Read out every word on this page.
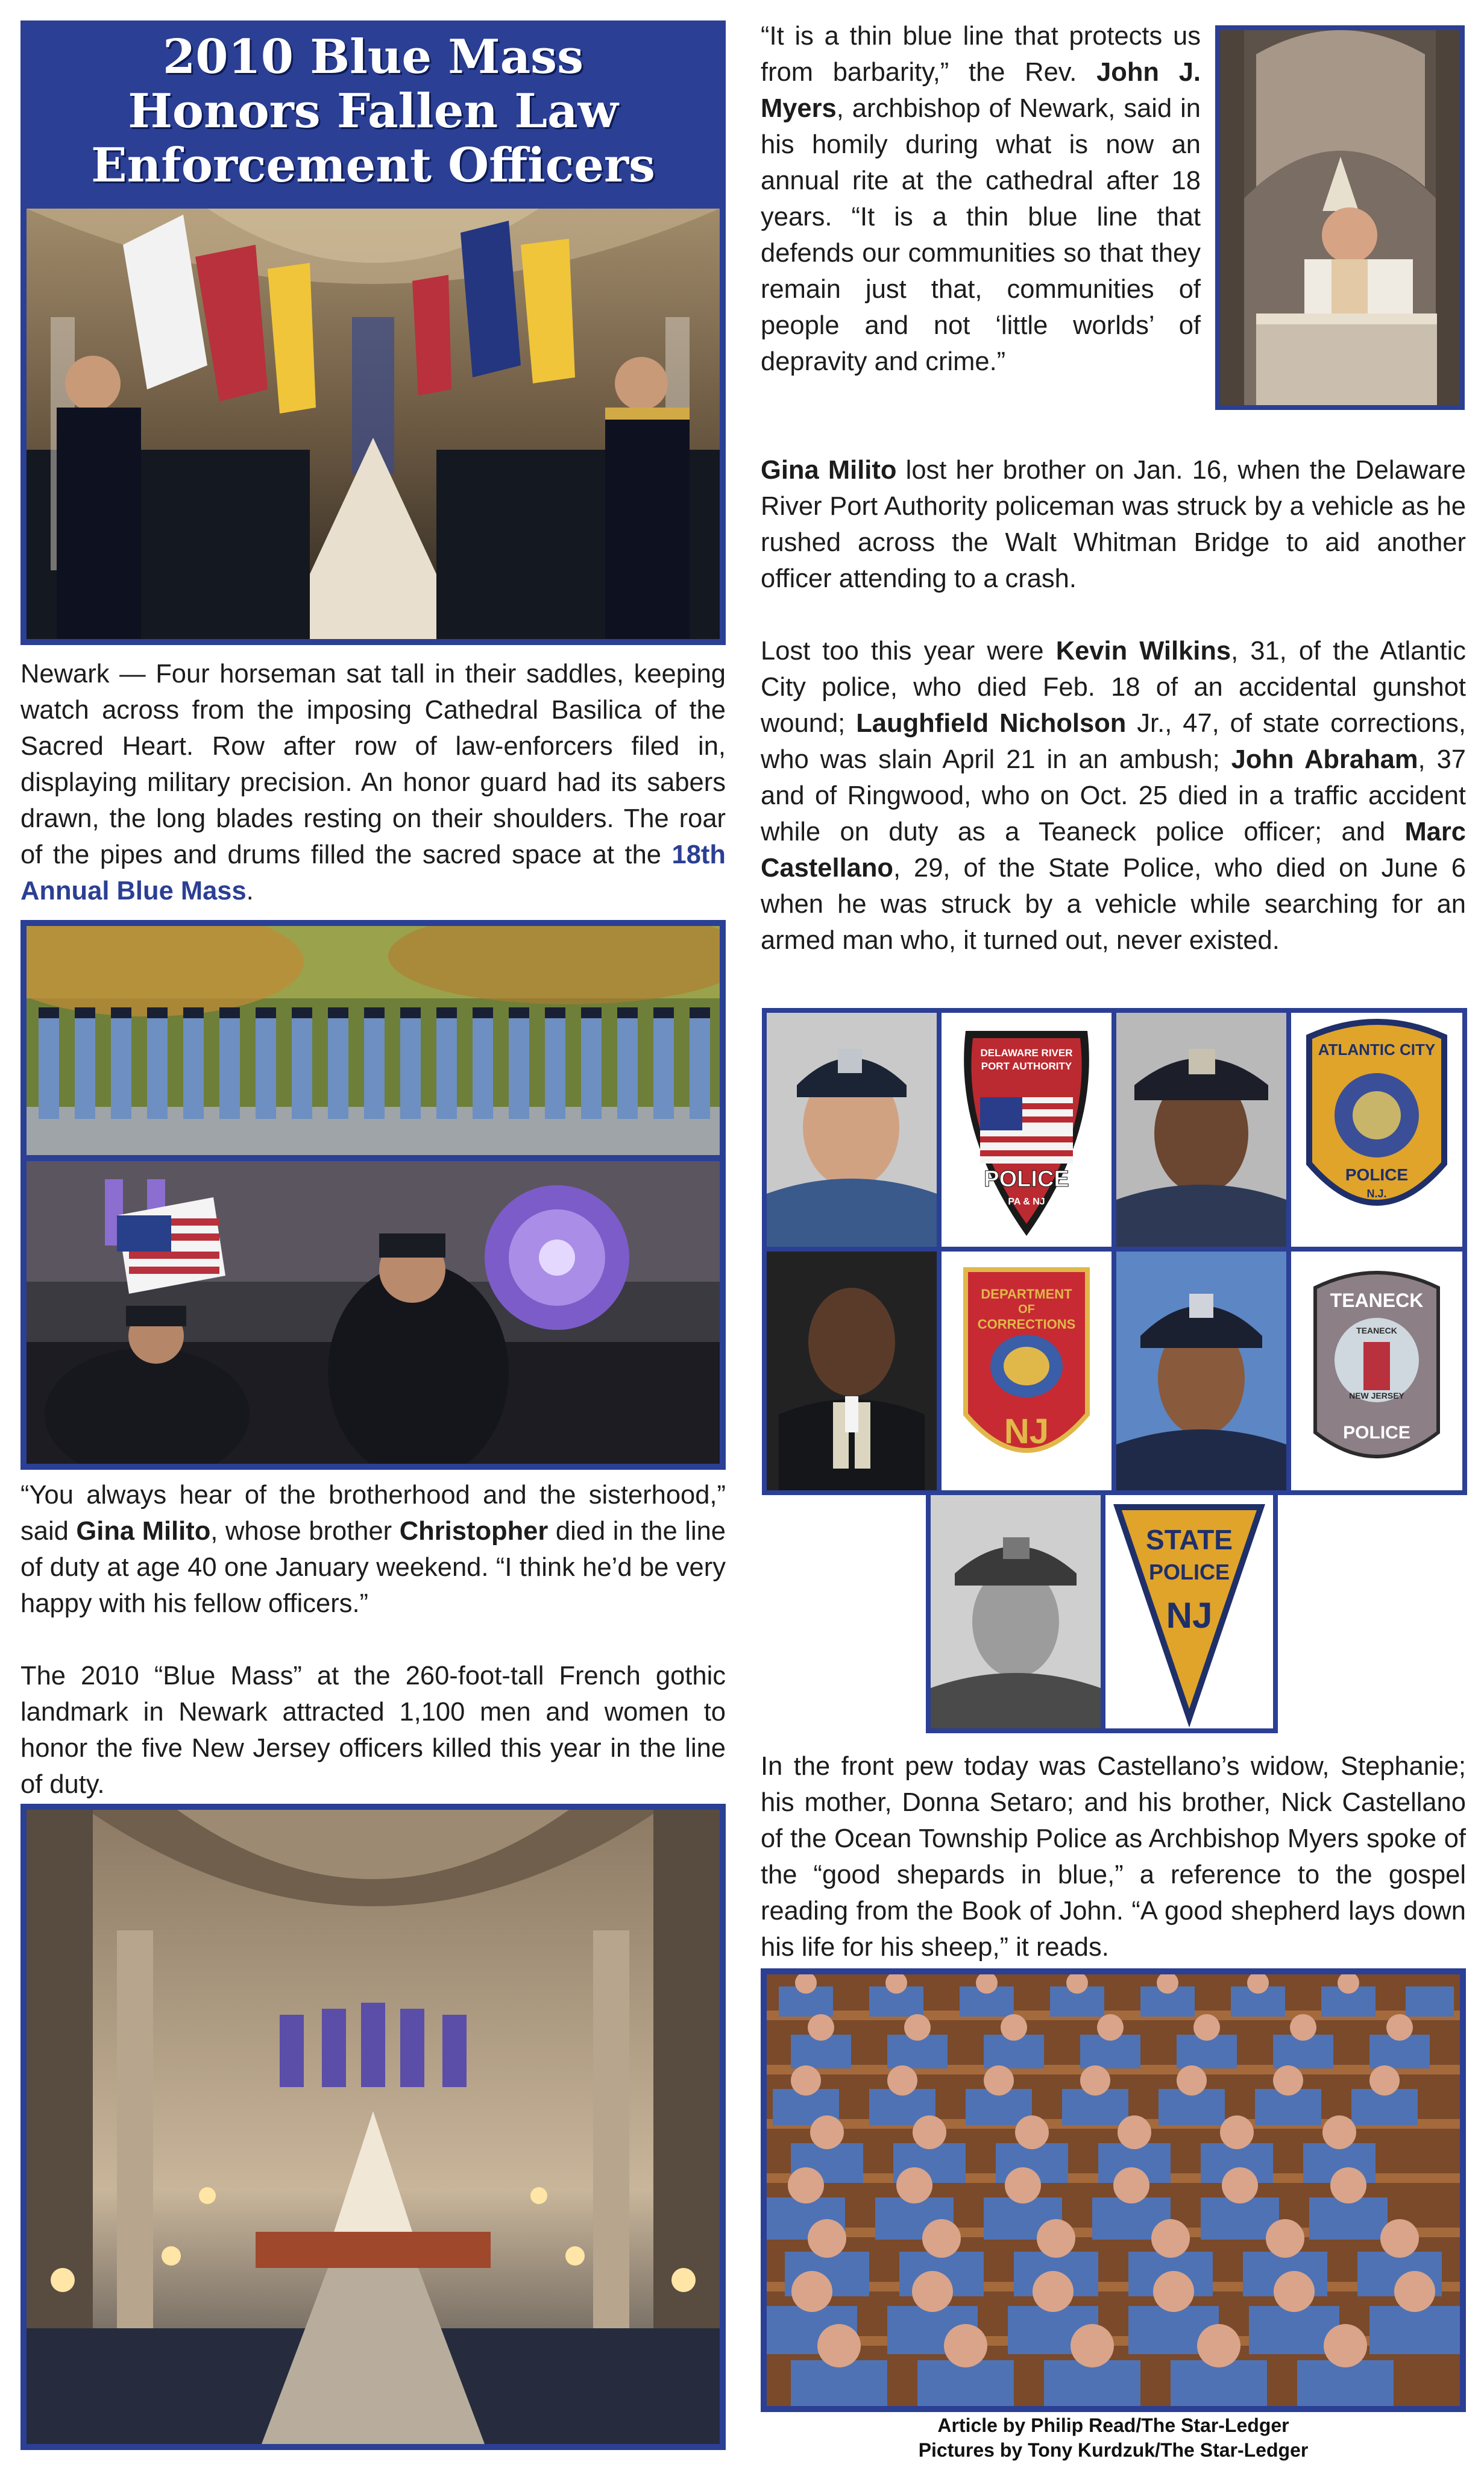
2010 Blue Mass
Honors Fallen Law
Enforcement Officers

Newark — Four horseman sat tall in their saddles, keeping watch across from the imposing Cathedral Basilica of the Sacred Heart. Row after row of law-enforcers filed in, displaying military precision. An honor guard had its sabers drawn, the long blades resting on their shoulders. The roar of the pipes and drums filled the sacred space at the 18th Annual Blue Mass.

“You always hear of the brotherhood and the sisterhood,” said Gina Milito, whose brother Christopher died in the line of duty at age 40 one January weekend. “I think he’d be very happy with his fellow officers.”

The 2010 “Blue Mass” at the 260-foot-tall French gothic landmark in Newark attracted 1,100 men and women to honor the five New Jersey officers killed this year in the line of duty.

“It is a thin blue line that protects us from barbarity,” the Rev. John J. Myers, archbishop of Newark, said in his homily during what is now an annual rite at the cathedral after 18 years. “It is a thin blue line that defends our communities so that they remain just that, communities of people and not ‘little worlds’ of depravity and crime.”

Gina Milito lost her brother on Jan. 16, when the Delaware River Port Authority policeman was struck by a vehicle as he rushed across the Walt Whitman Bridge to aid another officer attending to a crash.

Lost too this year were Kevin Wilkins, 31, of the Atlantic City police, who died Feb. 18 of an accidental gunshot wound; Laughfield Nicholson Jr., 47, of state corrections, who was slain April 21 in an ambush; John Abraham, 37 and of Ringwood, who on Oct. 25 died in a traffic accident while on duty as a Teaneck police officer; and Marc Castellano, 29, of the State Police, who died on June 6 when he was struck by a vehicle while searching for an armed man who, it turned out, never existed.

DELAWARE RIVER
PORT AUTHORITY
POLICE
PA & NJ
ATLANTIC CITY
POLICE
N.J.
DEPARTMENT
OF
CORRECTIONS
NJ
TEANECK
TEANECK
NEW JERSEY
POLICE
STATE
POLICE
NJ

In the front pew today was Castellano’s widow, Stephanie; his mother, Donna Setaro; and his brother, Nick Castellano of the Ocean Township Police as Archbishop Myers spoke of the “good shepards in blue,” a reference to the gospel reading from the Book of John. “A good shepherd lays down his life for his sheep,” it reads.

Article by Philip Read/The Star-Ledger
Pictures by Tony Kurdzuk/The Star-Ledger
